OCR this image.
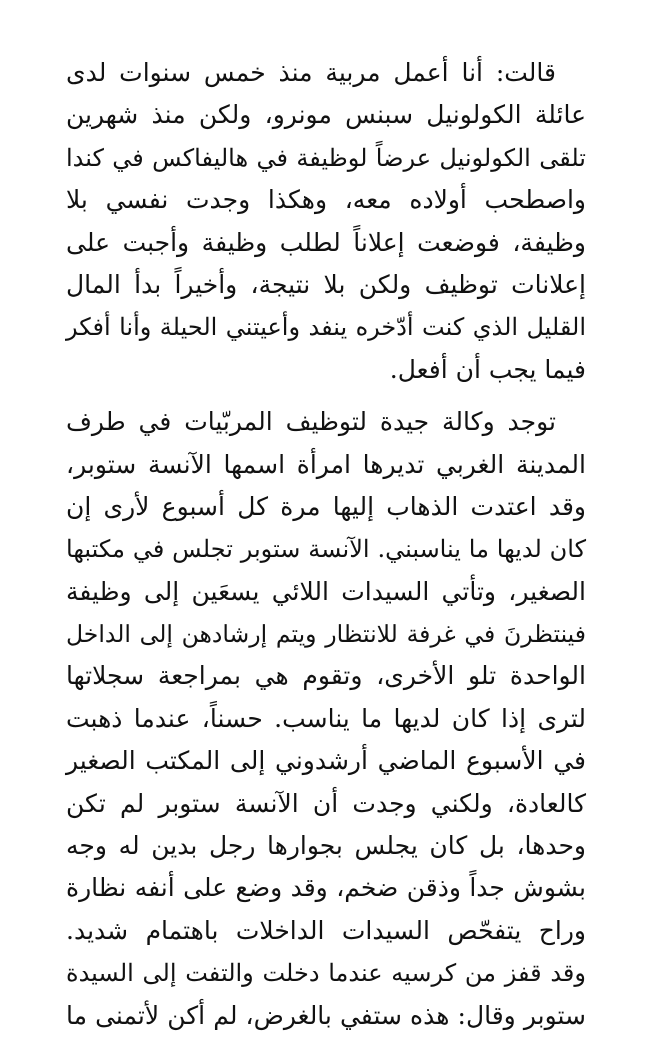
قالت: أنا أعمل مربية منذ خمس سنوات لدى
عائلة الكولونيل سبنس مونرو، ولكن منذ شهرين
تلقى الكولونيل عرضاً لوظيفة في هاليفاكس في كندا
واصطحب أولاده معه، وهكذا وجدت نفسي بلا
وظيفة، فوضعت إعلاناً لطلب وظيفة وأجبت على
إعلانات توظيف ولكن بلا نتيجة، وأخيراً بدأ المال
القليل الذي كنت أدّخره ينفد وأعيتني الحيلة وأنا أفكر
فيما يجب أن أفعل.
توجد وكالة جيدة لتوظيف المربّيات في طرف
المدينة الغربي تديرها امرأة اسمها الآنسة ستوبر،
وقد اعتدت الذهاب إليها مرة كل أسبوع لأرى إن
كان لديها ما يناسبني. الآنسة ستوبر تجلس في مكتبها
الصغير، وتأتي السيدات اللائي يسعَين إلى وظيفة
فينتظرنَ في غرفة للانتظار ويتم إرشادهن إلى الداخل
الواحدة تلو الأخرى، وتقوم هي بمراجعة سجلاتها
لترى إذا كان لديها ما يناسب. حسناً، عندما ذهبت
في الأسبوع الماضي أرشدوني إلى المكتب الصغير
كالعادة، ولكني وجدت أن الآنسة ستوبر لم تكن
وحدها، بل كان يجلس بجوارها رجل بدين له وجه
بشوش جداً وذقن ضخم، وقد وضع على أنفه نظارة
وراح يتفحّص السيدات الداخلات باهتمام شديد.
وقد قفز من كرسيه عندما دخلت والتفت إلى السيدة
ستوبر وقال: هذه ستفي بالغرض، لم أكن لأتمنى ما
